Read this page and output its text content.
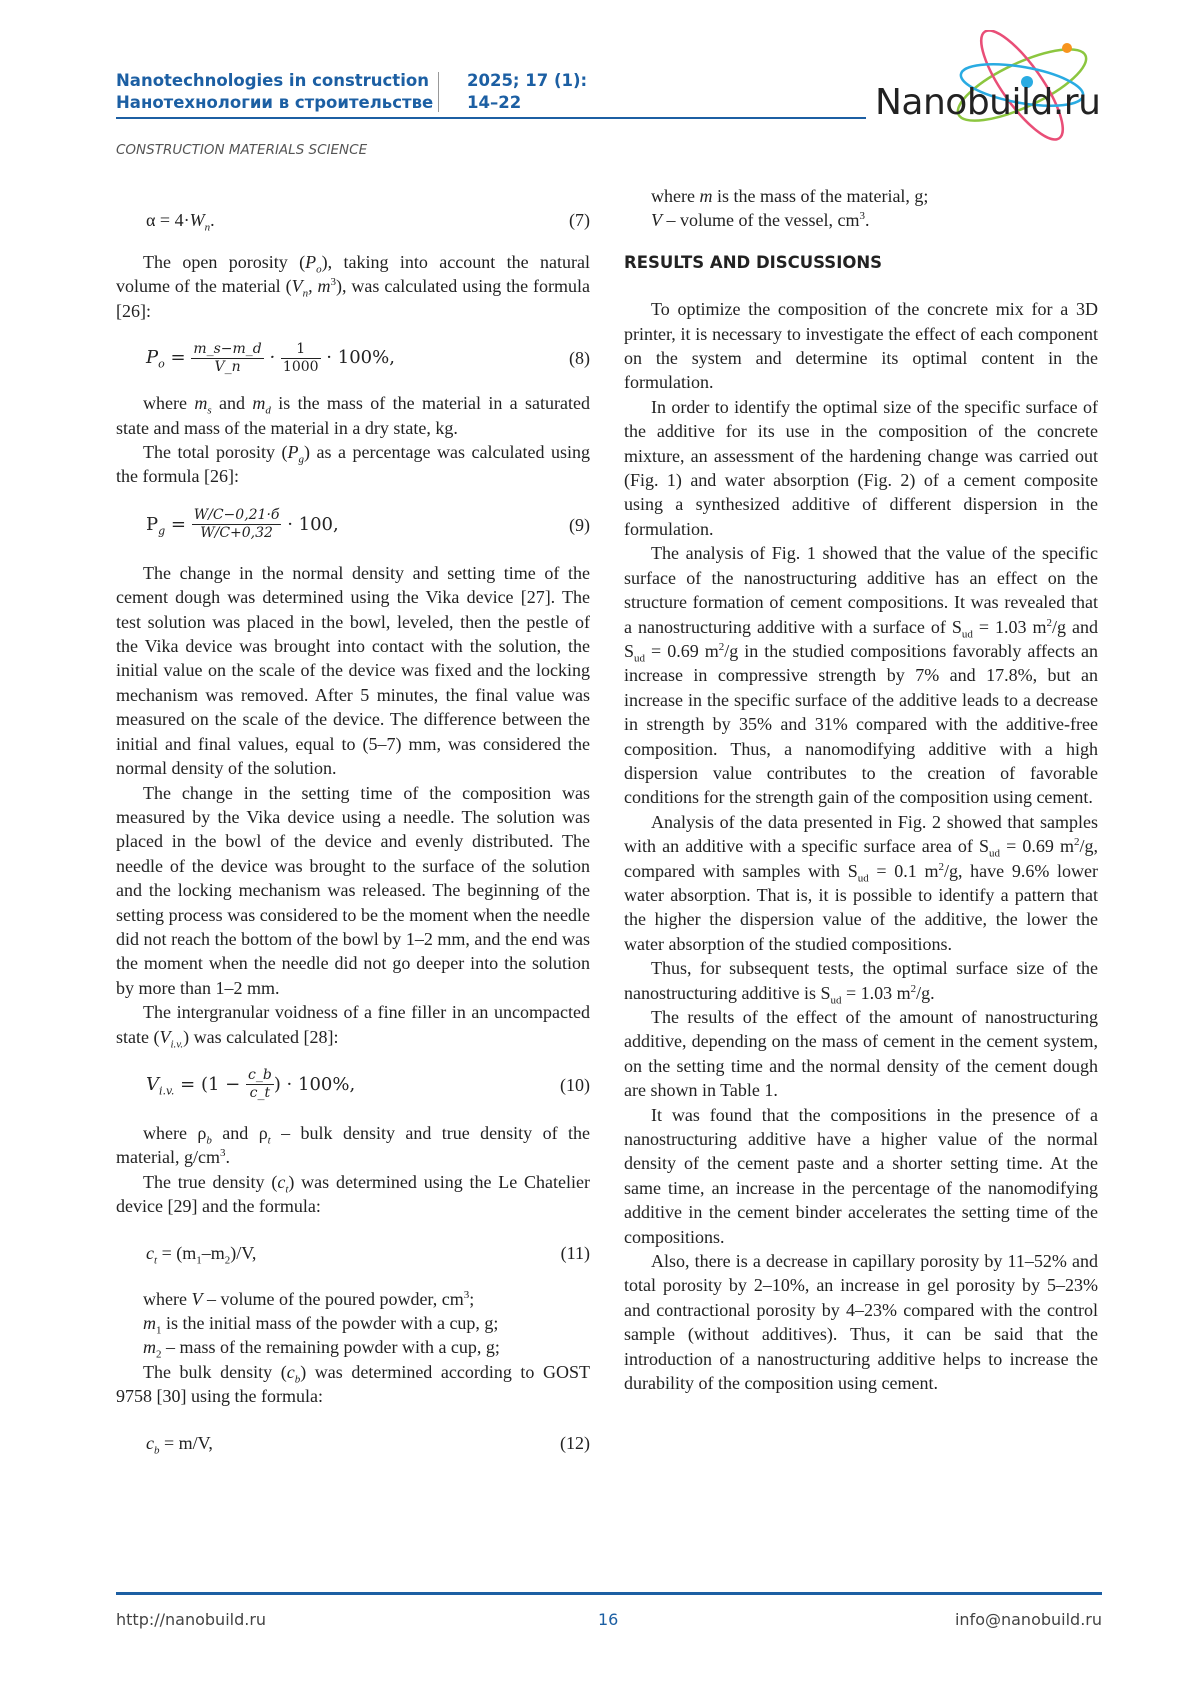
Nanotechnologies in construction
Нанотехнологии в строительстве
2025; 17 (1):
14–22	Nanobuild.ru
CONSTRUCTION MATERIALS SCIENCE
$\alpha = 4\cdot W_n$.	(7)

The open porosity $(P_o)$, taking into account the natural volume of the material ($V_n$, $m^3$), was calculated using the formula [26]:

$P_o = \frac{m\_s-m\_d}{V\_n} \cdot \frac{1}{1000} \cdot 100\%$,	(8)

where $m_s$ and $m_d$ is the mass of the material in a saturated state and mass of the material in a dry state, kg.

The total porosity $(P_g)$ as a percentage was calculated using the formula [26]:

$P_g = \frac{W/C-0,21\cdot б}{W/C+0,32} \cdot 100$,	(9)

The change in the normal density and setting time of the cement dough was determined using the Vika device [27]. The test solution was placed in the bowl, leveled, then the pestle of the Vika device was brought into contact with the solution, the initial value on the scale of the device was fixed and the locking mechanism was removed. After 5 minutes, the final value was measured on the scale of the device. The difference between the initial and final values, equal to (5–7) mm, was considered the normal density of the solution.

The change in the setting time of the composition was measured by the Vika device using a needle. The solution was placed in the bowl of the device and evenly distributed. The needle of the device was brought to the surface of the solution and the locking mechanism was released. The beginning of the setting process was considered to be the moment when the needle did not reach the bottom of the bowl by 1–2 mm, and the end was the moment when the needle did not go deeper into the solution by more than 1–2 mm.

The intergranular voidness of a fine filler in an uncompacted state $(V_{i.v.})$ was calculated [28]:

$V_{i.v.} = (1 - \frac{c\_b}{c\_t}$ ) · 100%,	(10)

where $\rho_b$ and $\rho_t$ – bulk density and true density of the material, $g/cm^3$.

The true density $(c_t)$ was determined using the Le Chatelier device [29] and the formula:

$c_t = (m_1-m_2)/V$,	(11)

where V – volume of the poured powder, $cm^3$;

$m_1$ is the initial mass of the powder with a cup, g;

$m_2$ – mass of the remaining powder with a cup, g;

The bulk density $(c_b)$ was determined according to GOST 9758 [30] using the formula:

$c_b = m/V$,	(12)

where m is the mass of the material, g;

V – volume of the vessel, $cm^3$.

RESULTS AND DISCUSSIONS

To optimize the composition of the concrete mix for a 3D printer, it is necessary to investigate the effect of each component on the system and determine its optimal content in the formulation.

In order to identify the optimal size of the specific surface of the additive for its use in the composition of the concrete mixture, an assessment of the hardening change was carried out (Fig. 1) and water absorption (Fig. 2) of a cement composite using a synthesized additive of different dispersion in the formulation.

The analysis of Fig. 1 showed that the value of the specific surface of the nanostructuring additive has an effect on the structure formation of cement compositions. It was revealed that a nanostructuring additive with a surface of $S_{ud} = 1.03$ $m^2/g$ and $S_{ud} = 0.69$ $m^2/g$ in the studied compositions favorably affects an increase in compressive strength by 7% and 17.8%, but an increase in the specific surface of the additive leads to a decrease in strength by 35% and 31% compared with the additive-free composition. Thus, a nanomodifying additive with a high dispersion value contributes to the creation of favorable conditions for the strength gain of the composition using cement.

Analysis of the data presented in Fig. 2 showed that samples with an additive with a specific surface area of $S_{ud} = 0.69$ $m^2/g$, compared with samples with $S_{ud} = 0.1$ $m^2/g$, have 9.6% lower water absorption. That is, it is possible to identify a pattern that the higher the dispersion value of the additive, the lower the water absorption of the studied compositions.

Thus, for subsequent tests, the optimal surface size of the nanostructuring additive is $S_{ud} = 1.03$ $m^2/g$.

The results of the effect of the amount of nanostructuring additive, depending on the mass of cement in the cement system, on the setting time and the normal density of the cement dough are shown in Table 1.

It was found that the compositions in the presence of a nanostructuring additive have a higher value of the normal density of the cement paste and a shorter setting time. At the same time, an increase in the percentage of the nanomodifying additive in the cement binder accelerates the setting time of the compositions.

Also, there is a decrease in capillary porosity by 11–52% and total porosity by 2–10%, an increase in gel porosity by 5–23% and contractional porosity by 4–23% compared with the control sample (without additives). Thus, it can be said that the introduction of a nanostructuring additive helps to increase the durability of the composition using cement.

http://nanobuild.ru	16	info@nanobuild.ru
